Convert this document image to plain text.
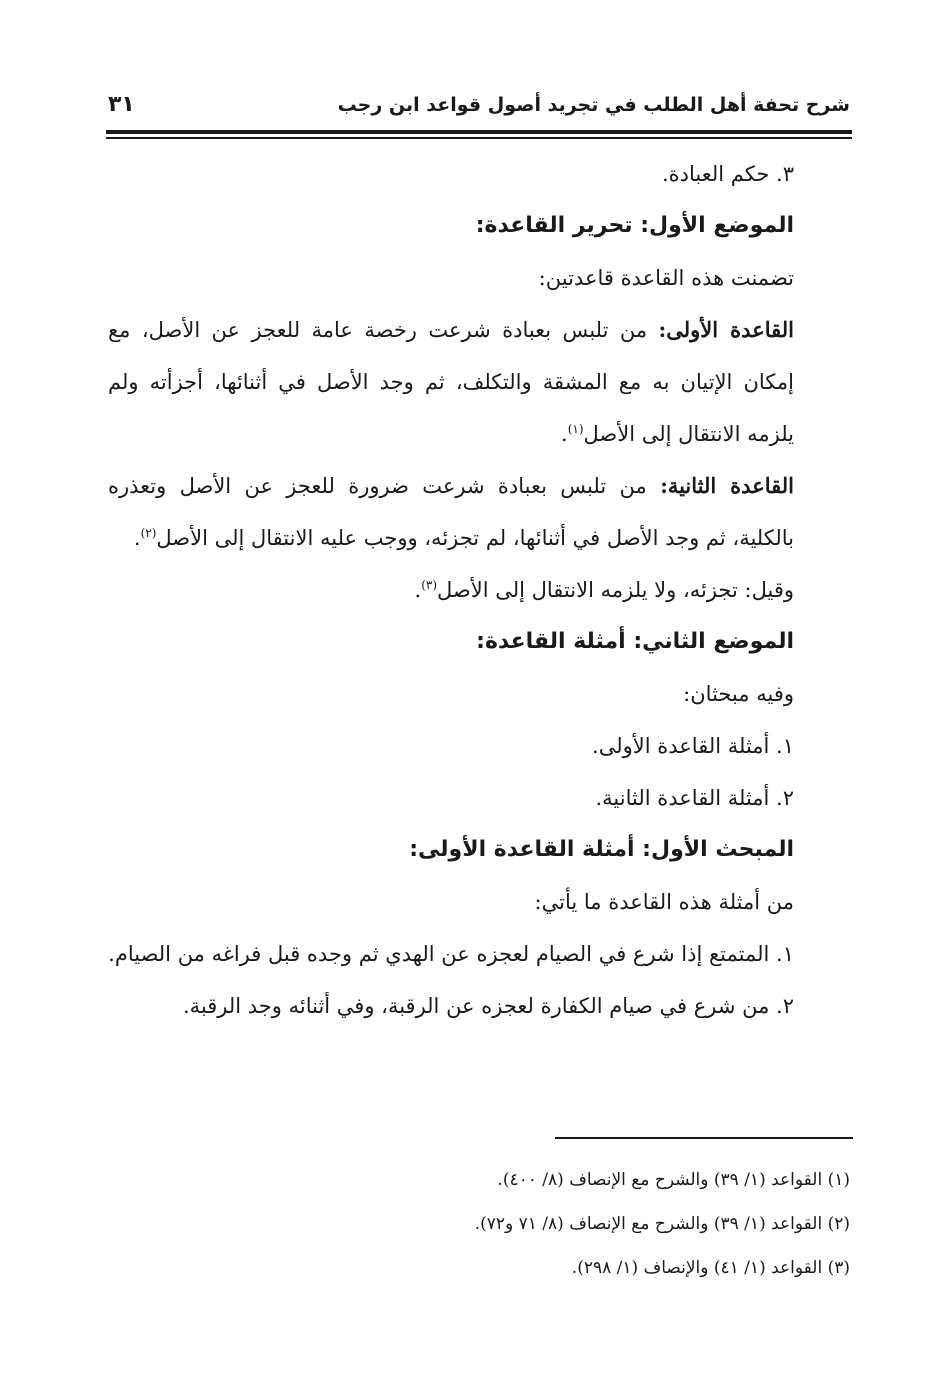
شرح تحفة أهل الطلب في تجريد أصول قواعد ابن رجب
٣١

٣. حكم العبادة.

الموضع الأول: تحرير القاعدة:

تضمنت هذه القاعدة قاعدتين:

القاعدة الأولى: من تلبس بعبادة شرعت رخصة عامة للعجز عن الأصل، مع إمكان الإتيان به مع المشقة والتكلف، ثم وجد الأصل في أثنائها، أجزأته ولم يلزمه الانتقال إلى الأصل$^{(١)}$.

القاعدة الثانية: من تلبس بعبادة شرعت ضرورة للعجز عن الأصل وتعذره بالكلية، ثم وجد الأصل في أثنائها، لم تجزئه، ووجب عليه الانتقال إلى الأصل$^{(٢)}$.

وقيل: تجزئه، ولا يلزمه الانتقال إلى الأصل$^{(٣)}$.

الموضع الثاني: أمثلة القاعدة:

وفيه مبحثان:

١. أمثلة القاعدة الأولى.

٢. أمثلة القاعدة الثانية.

المبحث الأول: أمثلة القاعدة الأولى:

من أمثلة هذه القاعدة ما يأتي:

١. المتمتع إذا شرع في الصيام لعجزه عن الهدي ثم وجده قبل فراغه من الصيام.

٢. من شرع في صيام الكفارة لعجزه عن الرقبة، وفي أثنائه وجد الرقبة.

(١) القواعد (١/ ٣٩) والشرح مع الإنصاف (٨/ ٤٠٠).

(٢) القواعد (١/ ٣٩) والشرح مع الإنصاف (٨/ ٧١ و٧٢).

(٣) القواعد (١/ ٤١) والإنصاف (١/ ٢٩٨).
